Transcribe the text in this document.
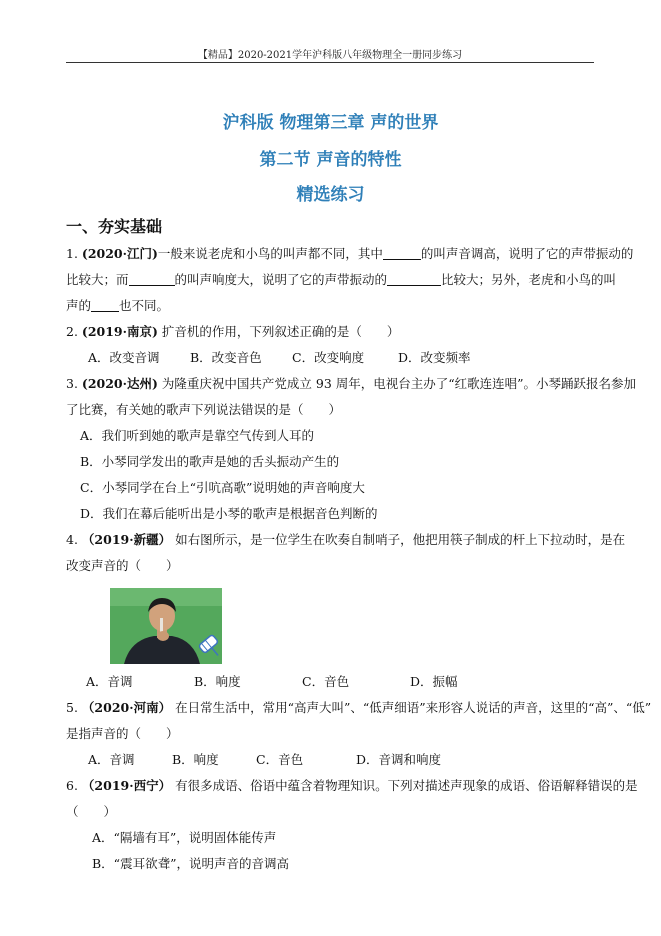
【精品】2020-2021学年沪科版八年级物理全一册同步练习
沪科版 物理第三章 声的世界
第二节 声音的特性
精选练习
一、夯实基础
1. (2020·江门)一般来说老虎和小鸟的叫声都不同，其中	的叫声音调高，说明了它的声带振动的
比较大；而	的叫声响度大，说明了它的声带振动的	比较大；另外，老虎和小鸟的叫
声的 也不同。
2. (2019·南京) 扩音机的作用，下列叙述正确的是（　　）
A．改变音调 B．改变音色 C．改变响度	D．改变频率
3. (2020·达州) 为隆重庆祝中国共产党成立 93 周年，电视台主办了“红歌连连唱”。小琴踊跃报名参加
了比赛，有关她的歌声下列说法错误的是（　　）
A．我们听到她的歌声是靠空气传到人耳的
B．小琴同学发出的歌声是她的舌头振动产生的
C．小琴同学在台上“引吭高歌”说明她的声音响度大
D．我们在幕后能听出是小琴的歌声是根据音色判断的
4. （2019·新疆） 如右图所示，是一位学生在吹奏自制哨子，他把用筷子制成的杆上下拉动时，是在
改变声音的（　　）
A．音调	B．响度	C．音色	D．振幅
5. （2020·河南） 在日常生活中，常用“高声大叫”、“低声细语”来形容人说话的声音，这里的“高”、“低”
是指声音的（　　）
A．音调	B．响度	C．音色	D．音调和响度
6. （2019·西宁） 有很多成语、俗语中蕴含着物理知识。下列对描述声现象的成语、俗语解释错误的是
（　　）
A．“隔墙有耳”，说明固体能传声
B．“震耳欲聋”，说明声音的音调高
